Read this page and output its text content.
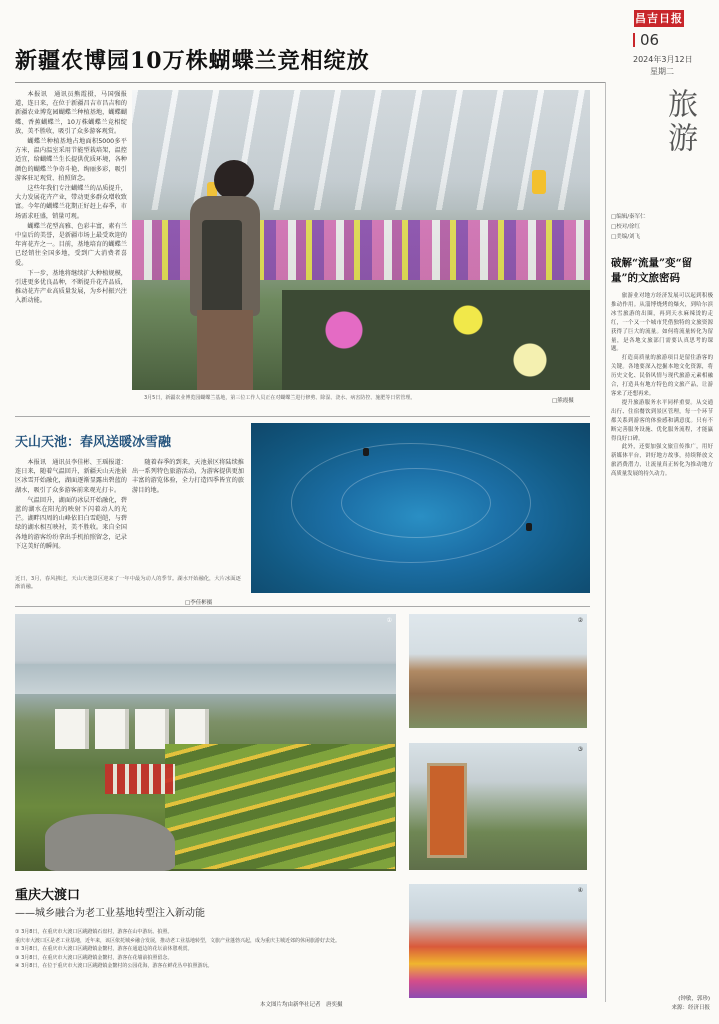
昌吉日报
06
2024年3月12日
星期二
新疆农博园10万株蝴蝶兰竞相绽放

本报讯　通讯员熊霞摄，马国强报道，连日来，在位于新疆昌吉市昌吉和的新疆农业博览园蝴蝶兰种植基地，蝴蝶蝴蝶、香蕉蝴蝶兰，10万株蝴蝶兰竞相绽放，美不胜收，吸引了众多游客观赏。

蝴蝶兰种植基地占地面积5000多平方米，温内温室采用节能型栽培架，温控适宜，给蝴蝶兰生长提供优质环境，各种颜色的蝴蝶兰争奇斗艳、绚丽多彩，吸引游客驻足观赏、拍照留念。

这些年我们专注蝴蝶兰的品质提升，大力发展花卉产业，带动更多群众增收致富。今年的蝴蝶兰花期正好赶上春季，市场需求旺盛，销量可观。

蝴蝶兰花型高雅、色彩丰富，素有兰中皇后的美誉，是新疆市场上最受欢迎的年宵花卉之一。目前，基地培育的蝴蝶兰已经销往全国多地，受到广大消费者喜爱。

下一步，基地将继续扩大种植规模，引进更多优良品种，不断提升花卉品质，推动花卉产业高质量发展，为乡村振兴注入新动能。

3月5日，新疆农业博览园蝴蝶兰基地，第三位工作人员正在对蝴蝶兰进行修剪、除湿、浇水、病害防控、施肥等日常管理。	□熊霞摄
天山天池：春风送暖冰雪融

本报讯　通讯员李佳彬、王瑶报道：连日来，随着气温回升，新疆天山天池景区冰雪开始融化，湖面逐渐显露出碧蓝的湖水，吸引了众多游客前来观光打卡。

气温回升，湖面的冰层开始融化，碧蓝的湖水在阳光的映射下闪着动人的光芒。湖畔四周的山峰依旧白雪皑皑，与碧绿的湖水相互映衬，美不胜收。来自全国各地的游客纷纷拿出手机拍照留念，记录下这美好的瞬间。

随着春季的到来，天池景区将陆续推出一系列特色旅游活动，为游客提供更加丰富的游览体验，全力打造四季皆宜的旅游目的地。

近日，3月，春风拂过，天山天池景区迎来了一年中最为动人的季节。湖水开始融化，大片冰面逐渐消融。
□李佳彬摄
①	②
③
④
重庆大渡口
——城乡融合为老工业基地转型注入新动能
① 3月8日，在重庆市大渡口区跳蹬镇石盘村，游客在山中游玩、拍照。
重庆市大渡口区是老工业基地，近年来，该区依托城乡融合发展，推动老工业基地转型，文旅产业蓬勃兴起，成为重庆主城近郊的休闲旅游好去处。
② 3月8日，在重庆市大渡口区跳蹬镇金鳌村，游客在通道边的花坛前休憩观赏。
③ 3月8日，在重庆市大渡口区跳蹬镇金鳌村，游客在花墙前拍照留念。
④ 3月8日，在位于重庆市大渡口区跳蹬镇金鳌村的公园花海，游客在鲜花丛中拍照游玩。
本文图片均由新华社记者　唐奕摄
旅游
□编辑/秦军仁
□校对/徐红
□美编/刘飞
破解“流量”变“留量”的文旅密码

旅游业对地方经济发展可以起到积极推动作用。从淄博烧烤的爆火，到哈尔滨冰雪旅游的出圈，再到天水麻辣烫的走红，一个又一个城市凭借独特的文旅资源获得了巨大的流量。如何将流量转化为留量，是各地文旅部门需要认真思考的课题。

打造高质量的旅游项目是留住游客的关键。各地要深入挖掘本地文化资源，将历史文化、民俗风情与现代旅游元素相融合，打造具有地方特色的文旅产品，让游客来了还想再来。

提升旅游服务水平同样重要。从交通出行、住宿餐饮到景区管理，每一个环节都关系到游客的体验感和满意度。只有不断完善服务设施、优化服务流程，才能赢得良好口碑。

此外，还要加强文旅宣传推广，用好新媒体平台，讲好地方故事，持续释放文旅消费潜力，让流量真正转化为推动地方高质量发展的持久动力。

(钟敏，郭珍)
来源：经济日报
